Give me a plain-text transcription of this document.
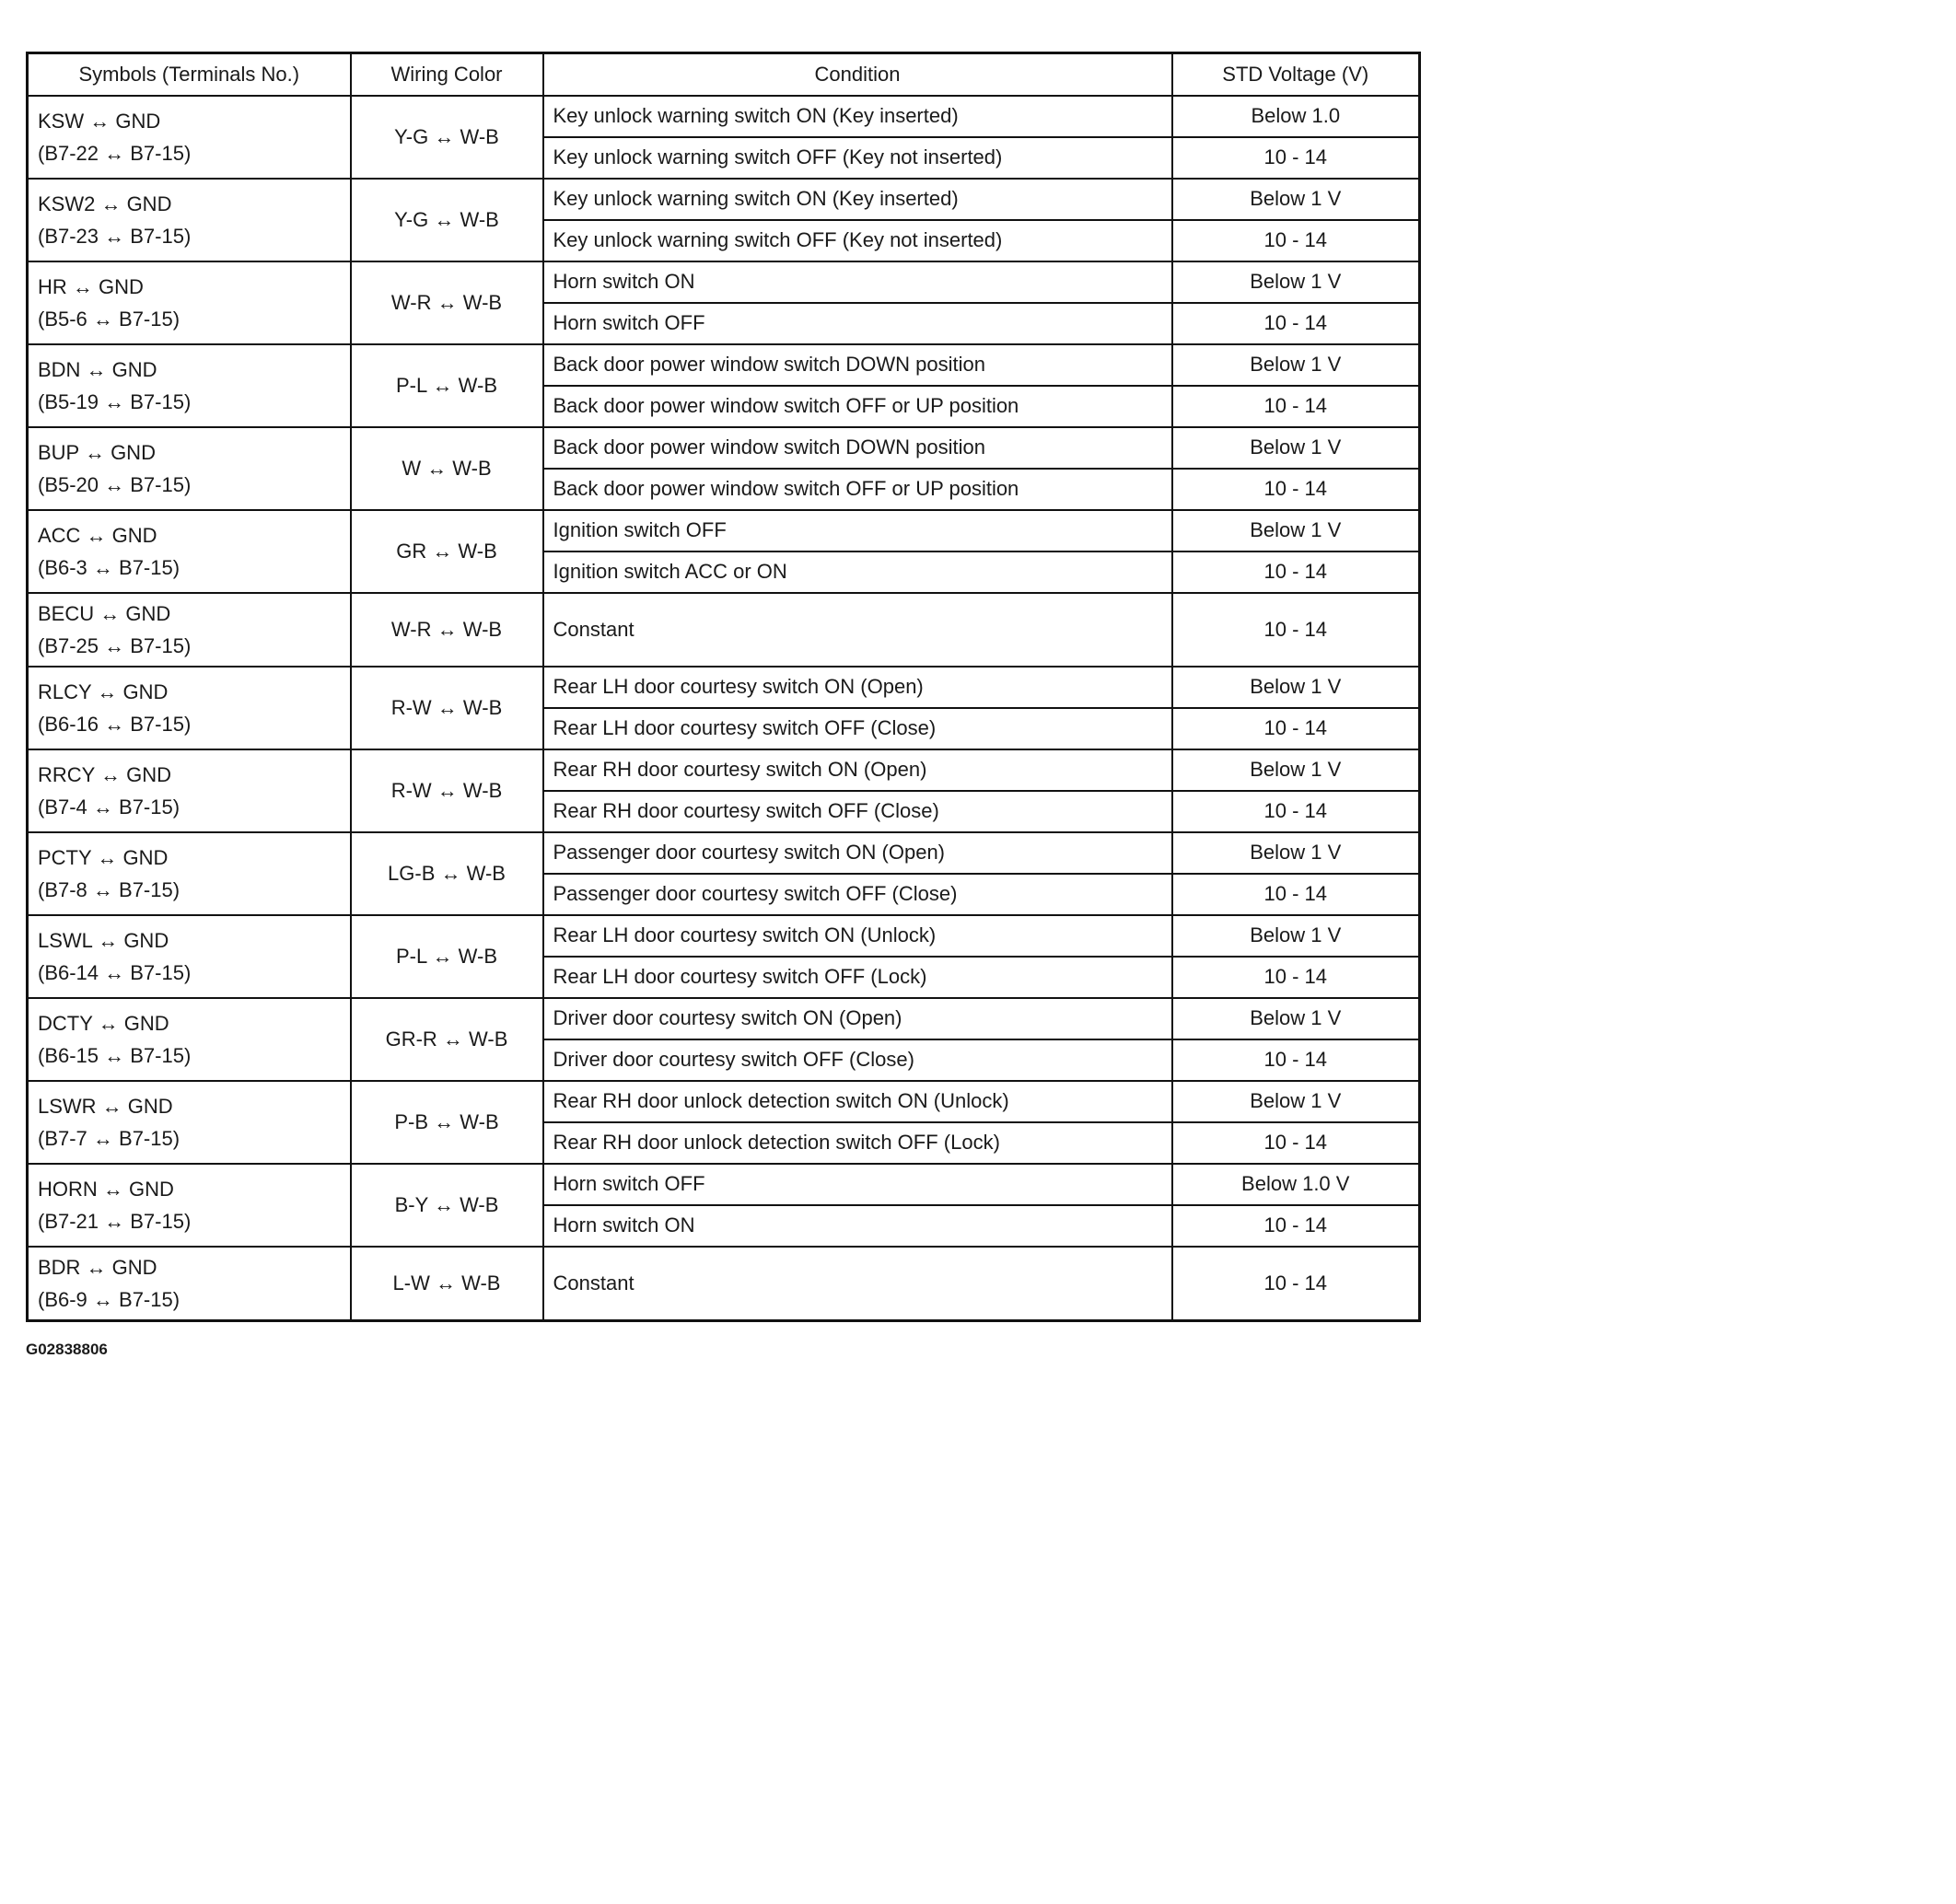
Symbols (Terminals No.)	Wiring Color	Condition	STD Voltage (V)

KSW ↔ GND
(B7-22 ↔ B7-15)	Y-G ↔ W-B	Key unlock warning switch ON (Key inserted)	Below 1.0
		Key unlock warning switch OFF (Key not inserted)	10 - 14

KSW2 ↔ GND
(B7-23 ↔ B7-15)	Y-G ↔ W-B	Key unlock warning switch ON (Key inserted)	Below 1 V
		Key unlock warning switch OFF (Key not inserted)	10 - 14

HR ↔ GND
(B5-6 ↔ B7-15)	W-R ↔ W-B	Horn switch ON	Below 1 V
		Horn switch OFF	10 - 14

BDN ↔ GND
(B5-19 ↔ B7-15)	P-L ↔ W-B	Back door power window switch DOWN position	Below 1 V
		Back door power window switch OFF or UP position	10 - 14

BUP ↔ GND
(B5-20 ↔ B7-15)	W ↔ W-B	Back door power window switch DOWN position	Below 1 V
		Back door power window switch OFF or UP position	10 - 14

ACC ↔ GND
(B6-3 ↔ B7-15)	GR ↔ W-B	Ignition switch OFF	Below 1 V
		Ignition switch ACC or ON	10 - 14

BECU ↔ GND
(B7-25 ↔ B7-15)	W-R ↔ W-B	Constant	10 - 14

RLCY ↔ GND
(B6-16 ↔ B7-15)	R-W ↔ W-B	Rear LH door courtesy switch ON (Open)	Below 1 V
		Rear LH door courtesy switch OFF (Close)	10 - 14

RRCY ↔ GND
(B7-4 ↔ B7-15)	R-W ↔ W-B	Rear RH door courtesy switch ON (Open)	Below 1 V
		Rear RH door courtesy switch OFF (Close)	10 - 14

PCTY ↔ GND
(B7-8 ↔ B7-15)	LG-B ↔ W-B	Passenger door courtesy switch ON (Open)	Below 1 V
		Passenger door courtesy switch OFF (Close)	10 - 14

LSWL ↔ GND
(B6-14 ↔ B7-15)	P-L ↔ W-B	Rear LH door courtesy switch ON (Unlock)	Below 1 V
		Rear LH door courtesy switch OFF (Lock)	10 - 14

DCTY ↔ GND
(B6-15 ↔ B7-15)	GR-R ↔ W-B	Driver door courtesy switch ON (Open)	Below 1 V
		Driver door courtesy switch OFF (Close)	10 - 14

LSWR ↔ GND
(B7-7 ↔ B7-15)	P-B ↔ W-B	Rear RH door unlock detection switch ON (Unlock)	Below 1 V
		Rear RH door unlock detection switch OFF (Lock)	10 - 14

HORN ↔ GND
(B7-21 ↔ B7-15)	B-Y ↔ W-B	Horn switch OFF	Below 1.0 V
		Horn switch ON	10 - 14

BDR ↔ GND
(B6-9 ↔ B7-15)	L-W ↔ W-B	Constant	10 - 14
G02838806
